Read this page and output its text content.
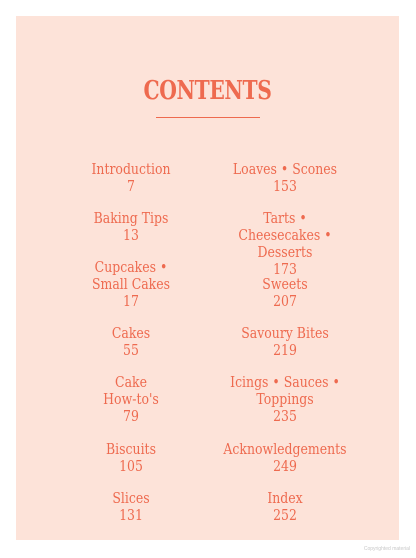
CONTENTS
Introduction
7
Baking Tips
13
Cupcakes •
Small Cakes
17
Cakes
55
Cake
How-to's
79
Biscuits
105
Slices
131
Loaves • Scones
153
Tarts • Cheesecakes •
Desserts
173
Sweets
207
Savoury Bites
219
Icings • Sauces •
Toppings
235
Acknowledgements
249
Index
252
Copyrighted material
